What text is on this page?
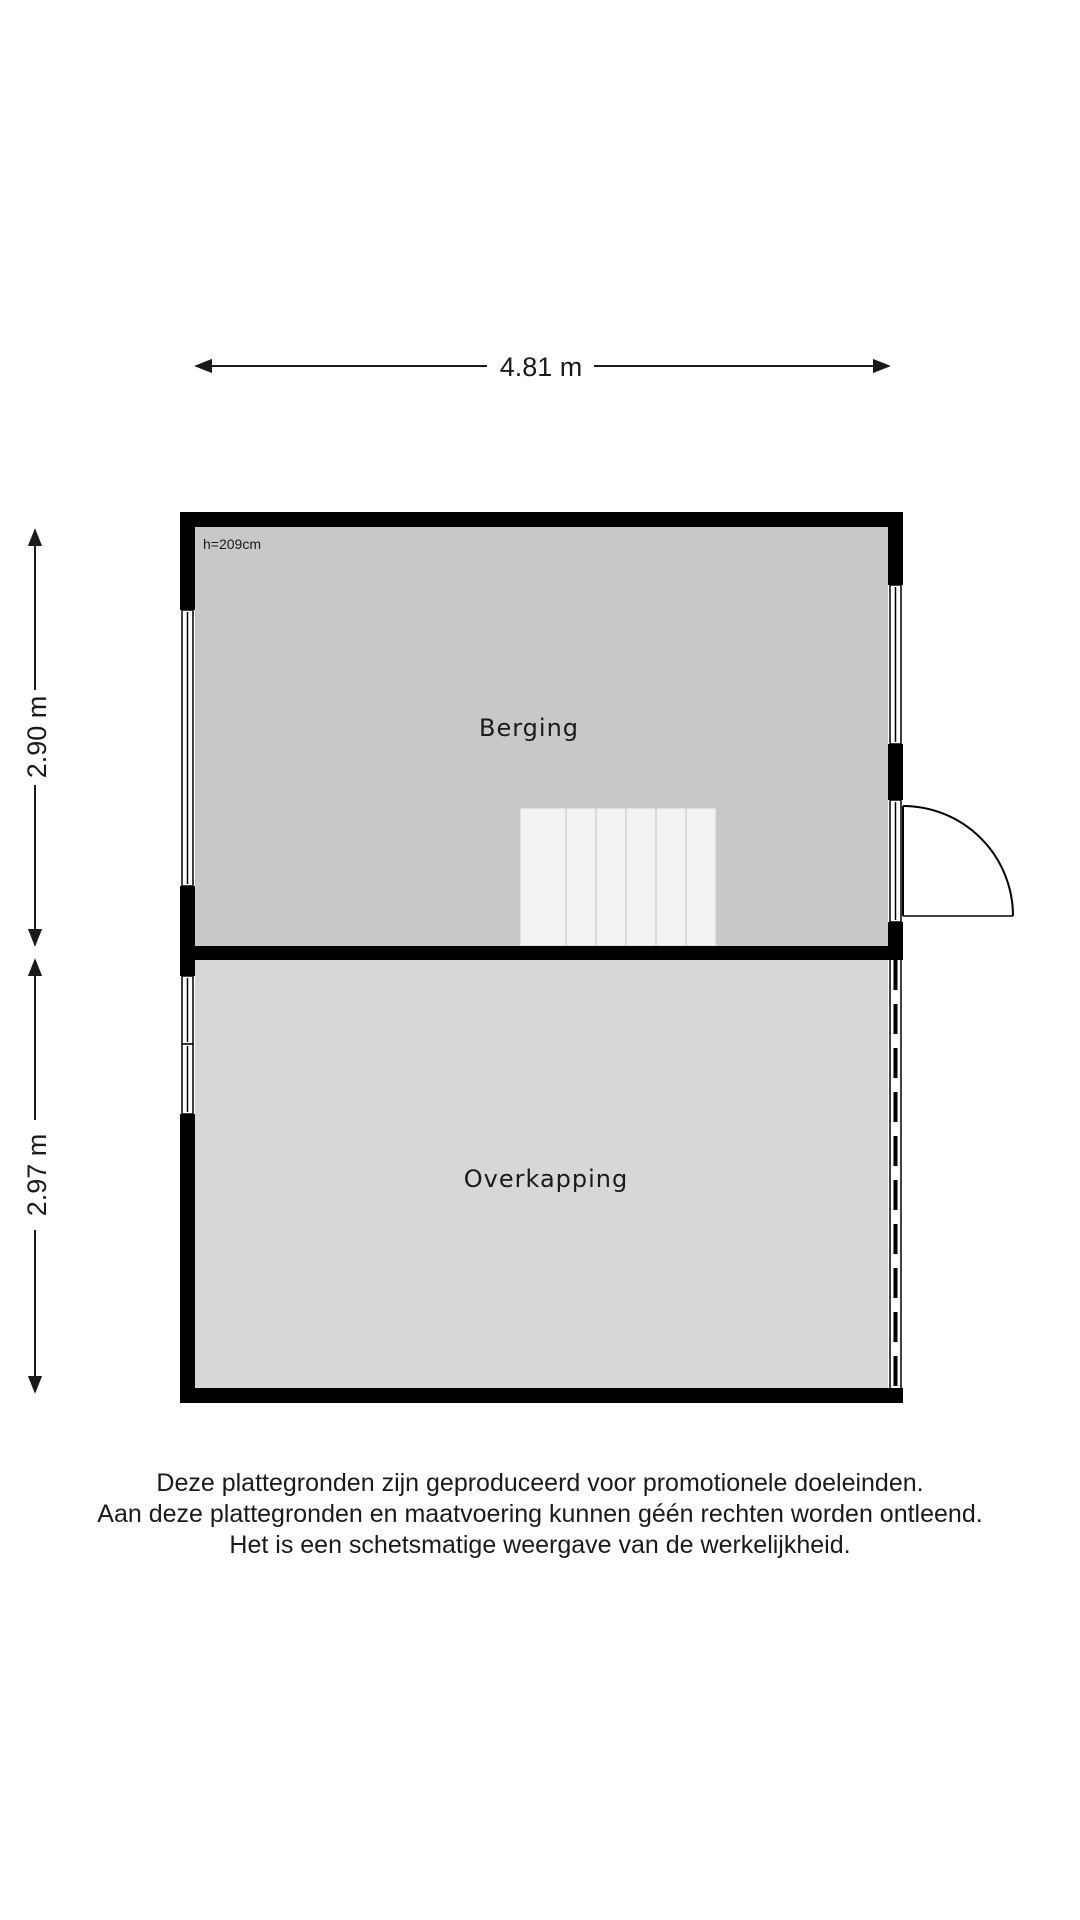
4.81 m
2.90 m
2.97 m
h=209cm
Berging
Overkapping
Deze plattegronden zijn geproduceerd voor promotionele doeleinden.
Aan deze plattegronden en maatvoering kunnen géén rechten worden ontleend.
Het is een schetsmatige weergave van de werkelijkheid.
